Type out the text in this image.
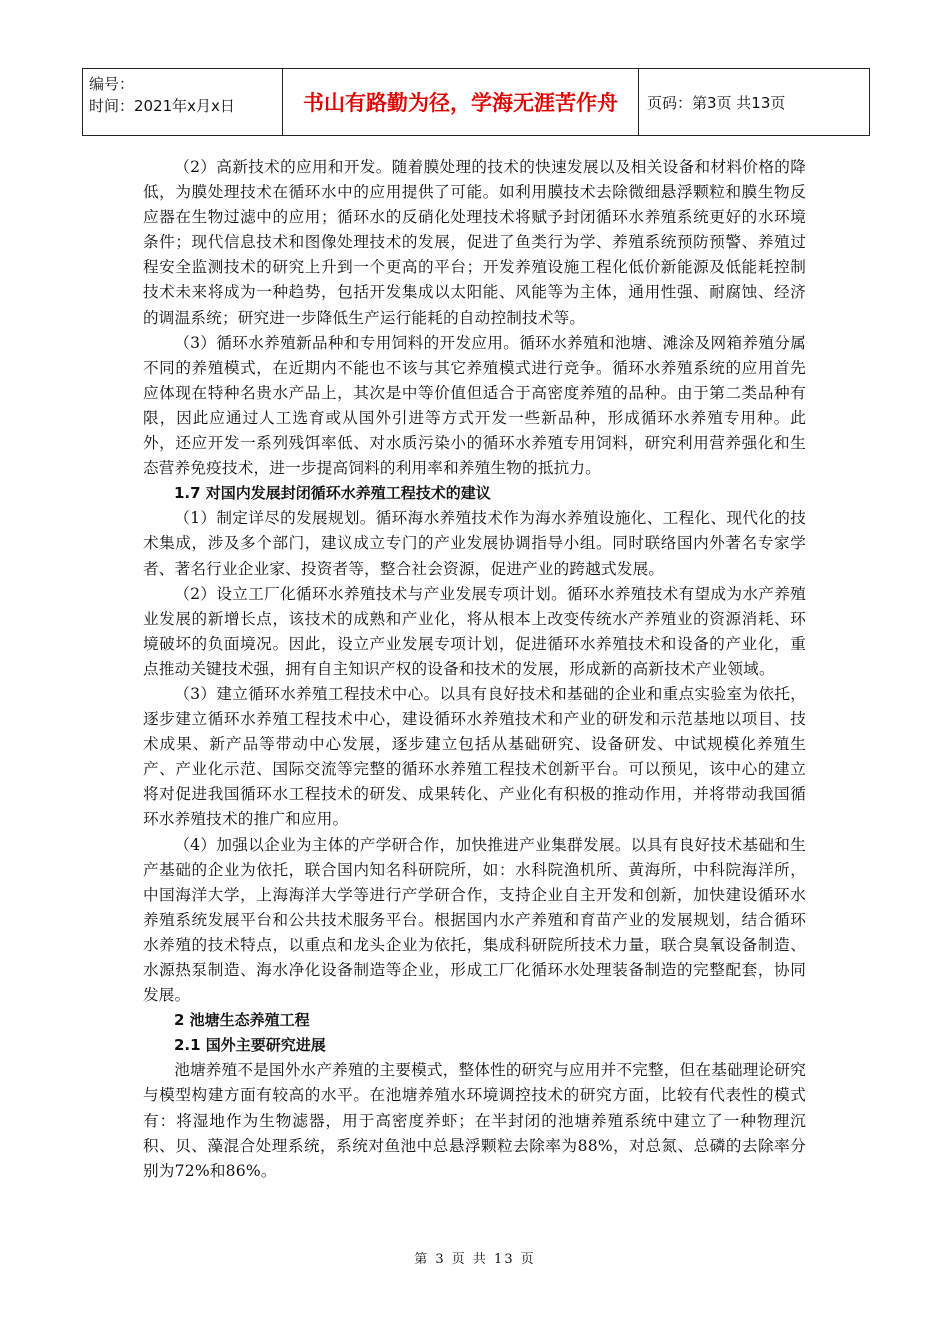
编号：
时间：2021年x月x日	书山有路勤为径，学海无涯苦作舟	页码：第3页 共13页

（2）高新技术的应用和开发。随着膜处理的技术的快速发展以及相关设备和材料价格的降低，为膜处理技术在循环水中的应用提供了可能。如利用膜技术去除微细悬浮颗粒和膜生物反应器在生物过滤中的应用；循环水的反硝化处理技术将赋予封闭循环水养殖系统更好的水环境条件；现代信息技术和图像处理技术的发展，促进了鱼类行为学、养殖系统预防预警、养殖过程安全监测技术的研究上升到一个更高的平台；开发养殖设施工程化低价新能源及低能耗控制技术未来将成为一种趋势，包括开发集成以太阳能、风能等为主体，通用性强、耐腐蚀、经济的调温系统；研究进一步降低生产运行能耗的自动控制技术等。

（3）循环水养殖新品种和专用饲料的开发应用。循环水养殖和池塘、滩涂及网箱养殖分属不同的养殖模式，在近期内不能也不该与其它养殖模式进行竞争。循环水养殖系统的应用首先应体现在特种名贵水产品上，其次是中等价值但适合于高密度养殖的品种。由于第二类品种有限，因此应通过人工选育或从国外引进等方式开发一些新品种，形成循环水养殖专用种。此外，还应开发一系列残饵率低、对水质污染小的循环水养殖专用饲料，研究利用营养强化和生态营养免疫技术，进一步提高饲料的利用率和养殖生物的抵抗力。

1.7 对国内发展封闭循环水养殖工程技术的建议

（1）制定详尽的发展规划。循环海水养殖技术作为海水养殖设施化、工程化、现代化的技术集成，涉及多个部门，建议成立专门的产业发展协调指导小组。同时联络国内外著名专家学者、著名行业企业家、投资者等，整合社会资源，促进产业的跨越式发展。

（2）设立工厂化循环水养殖技术与产业发展专项计划。循环水养殖技术有望成为水产养殖业发展的新增长点，该技术的成熟和产业化，将从根本上改变传统水产养殖业的资源消耗、环境破坏的负面境况。因此，设立产业发展专项计划，促进循环水养殖技术和设备的产业化，重点推动关键技术强，拥有自主知识产权的设备和技术的发展，形成新的高新技术产业领域。

（3）建立循环水养殖工程技术中心。以具有良好技术和基础的企业和重点实验室为依托，逐步建立循环水养殖工程技术中心，建设循环水养殖技术和产业的研发和示范基地以项目、技术成果、新产品等带动中心发展，逐步建立包括从基础研究、设备研发、中试规模化养殖生产、产业化示范、国际交流等完整的循环水养殖工程技术创新平台。可以预见，该中心的建立将对促进我国循环水工程技术的研发、成果转化、产业化有积极的推动作用，并将带动我国循环水养殖技术的推广和应用。

（4）加强以企业为主体的产学研合作，加快推进产业集群发展。以具有良好技术基础和生产基础的企业为依托，联合国内知名科研院所，如：水科院渔机所、黄海所，中科院海洋所，中国海洋大学，上海海洋大学等进行产学研合作，支持企业自主开发和创新，加快建设循环水养殖系统发展平台和公共技术服务平台。根据国内水产养殖和育苗产业的发展规划，结合循环水养殖的技术特点，以重点和龙头企业为依托，集成科研院所技术力量，联合臭氧设备制造、水源热泵制造、海水净化设备制造等企业，形成工厂化循环水处理装备制造的完整配套，协同发展。

2 池塘生态养殖工程

2.1 国外主要研究进展

池塘养殖不是国外水产养殖的主要模式，整体性的研究与应用并不完整，但在基础理论研究与模型构建方面有较高的水平。在池塘养殖水环境调控技术的研究方面，比较有代表性的模式有：将湿地作为生物滤器，用于高密度养虾；在半封闭的池塘养殖系统中建立了一种物理沉积、贝、藻混合处理系统，系统对鱼池中总悬浮颗粒去除率为88%，对总氮、总磷的去除率分别为72%和86%。

第 3 页 共 13 页
